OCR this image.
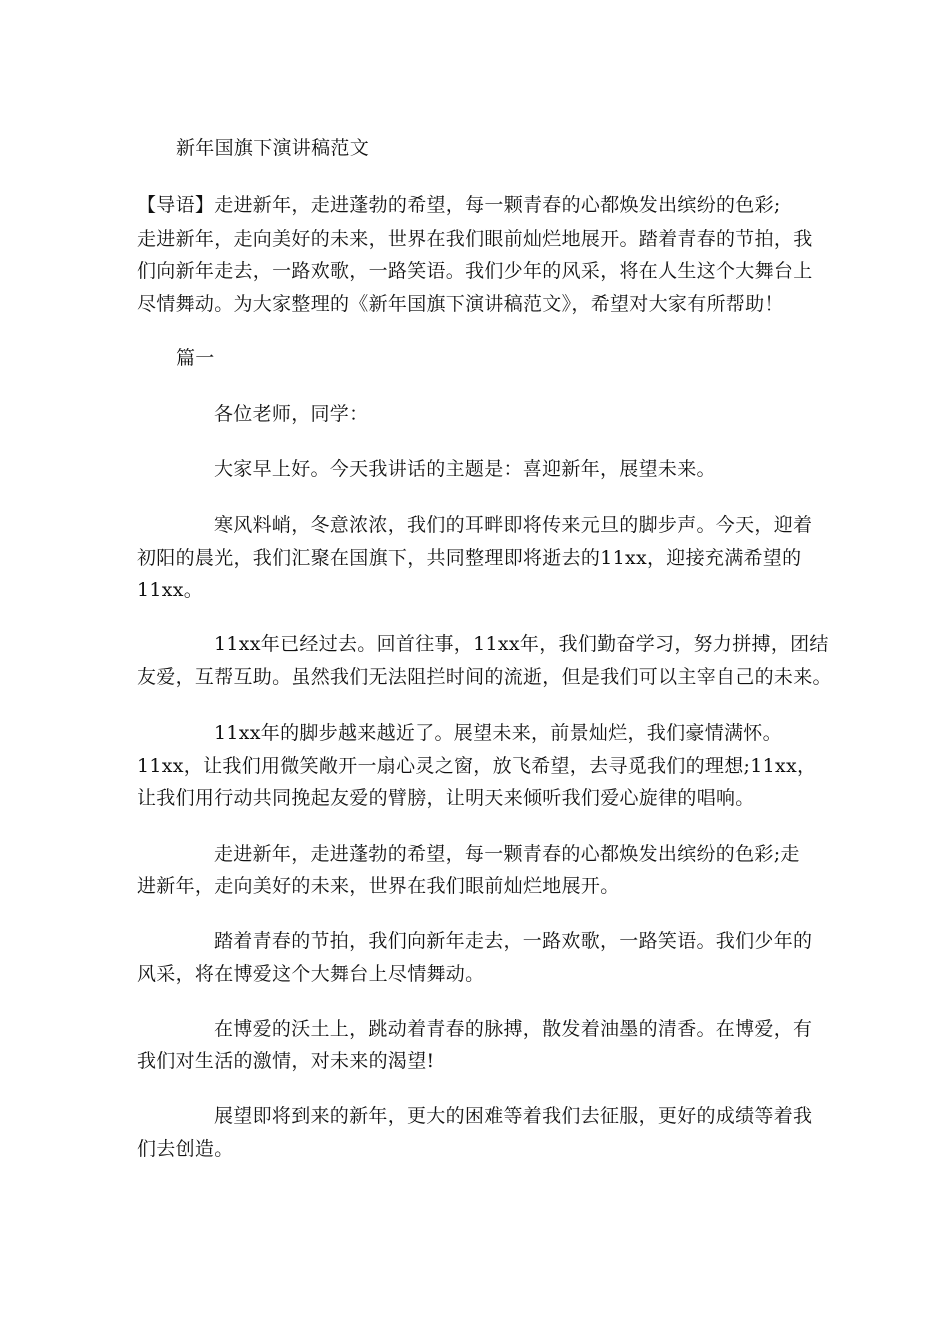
新年国旗下演讲稿范文
【导语】走进新年，走进蓬勃的希望，每一颗青春的心都焕发出缤纷的色彩;
走进新年，走向美好的未来，世界在我们眼前灿烂地展开。踏着青春的节拍，我
们向新年走去，一路欢歌，一路笑语。我们少年的风采，将在人生这个大舞台上
尽情舞动。为大家整理的《新年国旗下演讲稿范文》，希望对大家有所帮助！
篇一
各位老师，同学：
大家早上好。今天我讲话的主题是：喜迎新年，展望未来。
寒风料峭，冬意浓浓，我们的耳畔即将传来元旦的脚步声。今天，迎着
初阳的晨光，我们汇聚在国旗下，共同整理即将逝去的11xx，迎接充满希望的
11xx。
11xx年已经过去。回首往事，11xx年，我们勤奋学习，努力拼搏，团结
友爱，互帮互助。虽然我们无法阻拦时间的流逝，但是我们可以主宰自己的未来。
11xx年的脚步越来越近了。展望未来，前景灿烂，我们豪情满怀。
11xx，让我们用微笑敞开一扇心灵之窗，放飞希望，去寻觅我们的理想;11xx，
让我们用行动共同挽起友爱的臂膀，让明天来倾听我们爱心旋律的唱响。
走进新年，走进蓬勃的希望，每一颗青春的心都焕发出缤纷的色彩;走
进新年，走向美好的未来，世界在我们眼前灿烂地展开。
踏着青春的节拍，我们向新年走去，一路欢歌，一路笑语。我们少年的
风采，将在博爱这个大舞台上尽情舞动。
在博爱的沃土上，跳动着青春的脉搏，散发着油墨的清香。在博爱，有
我们对生活的激情，对未来的渴望!
展望即将到来的新年，更大的困难等着我们去征服，更好的成绩等着我
们去创造。
